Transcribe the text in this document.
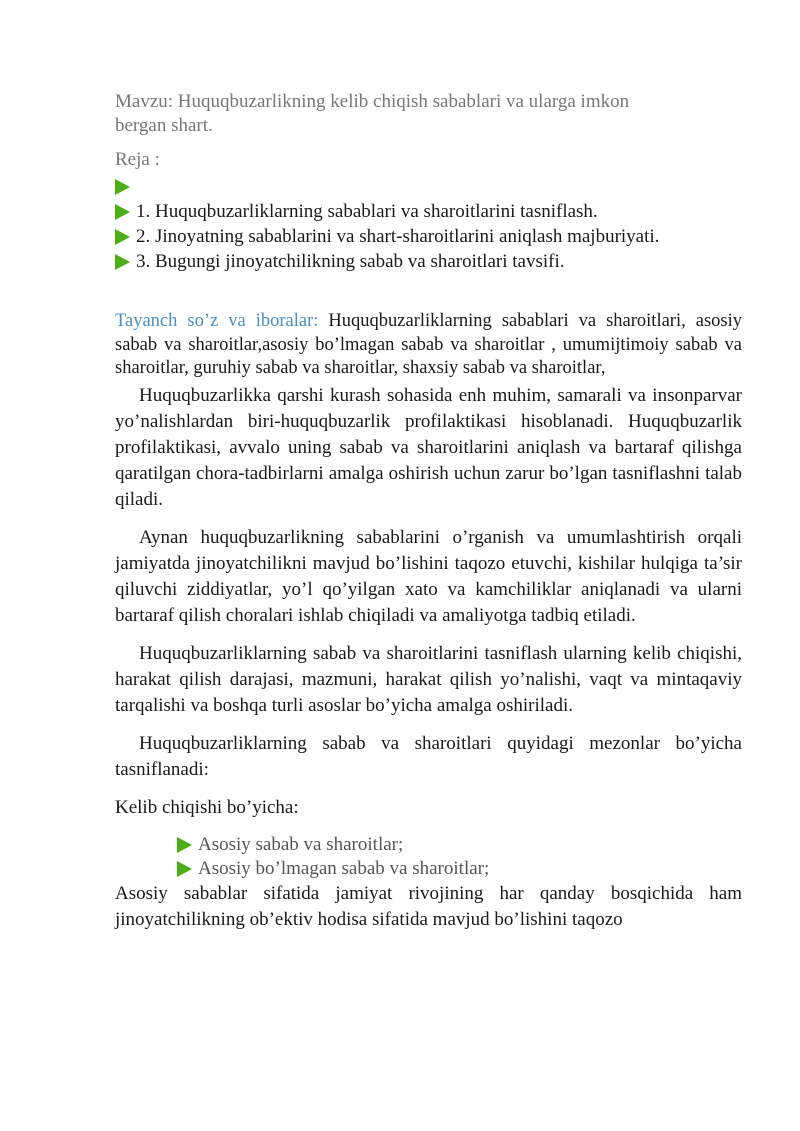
Mavzu: Huquqbuzarlikning kelib chiqish sabablari va ularga imkon
bergan shart.

Reja :

1. Huquqbuzarliklarning sabablari va sharoitlarini tasniflash.
2. Jinoyatning sabablarini va shart-sharoitlarini aniqlash majburiyati.
3. Bugungi jinoyatchilikning sabab va sharoitlari tavsifi.

Tayanch so’z va iboralar: Huquqbuzarliklarning sabablari va sharoitlari, asosiy sabab va sharoitlar,asosiy bo’lmagan sabab va sharoitlar , umumijtimoiy sabab va sharoitlar, guruhiy sabab va sharoitlar, shaxsiy sabab va sharoitlar,

Huquqbuzarlikka qarshi kurash sohasida enh muhim, samarali va insonparvar yo’nalishlardan biri-huquqbuzarlik profilaktikasi hisoblanadi. Huquqbuzarlik profilaktikasi, avvalo uning sabab va sharoitlarini aniqlash va bartaraf qilishga qaratilgan chora-tadbirlarni amalga oshirish uchun zarur bo’lgan tasniflashni talab qiladi.

Aynan huquqbuzarlikning sabablarini o’rganish va umumlashtirish orqali jamiyatda jinoyatchilikni mavjud bo’lishini taqozo etuvchi, kishilar hulqiga ta’sir qiluvchi ziddiyatlar, yo’l qo’yilgan xato va kamchiliklar aniqlanadi va ularni bartaraf qilish choralari ishlab chiqiladi va amaliyotga tadbiq etiladi.

Huquqbuzarliklarning sabab va sharoitlarini tasniflash ularning kelib chiqishi, harakat qilish darajasi, mazmuni, harakat qilish yo’nalishi, vaqt va mintaqaviy tarqalishi va boshqa turli asoslar bo’yicha amalga oshiriladi.

Huquqbuzarliklarning sabab va sharoitlari quyidagi mezonlar bo’yicha tasniflanadi:

Kelib chiqishi bo’yicha:

Asosiy sabab va sharoitlar;
Asosiy bo’lmagan sabab va sharoitlar;

Asosiy sabablar sifatida jamiyat rivojining har qanday bosqichida ham jinoyatchilikning ob’ektiv hodisa sifatida mavjud bo’lishini taqozo
